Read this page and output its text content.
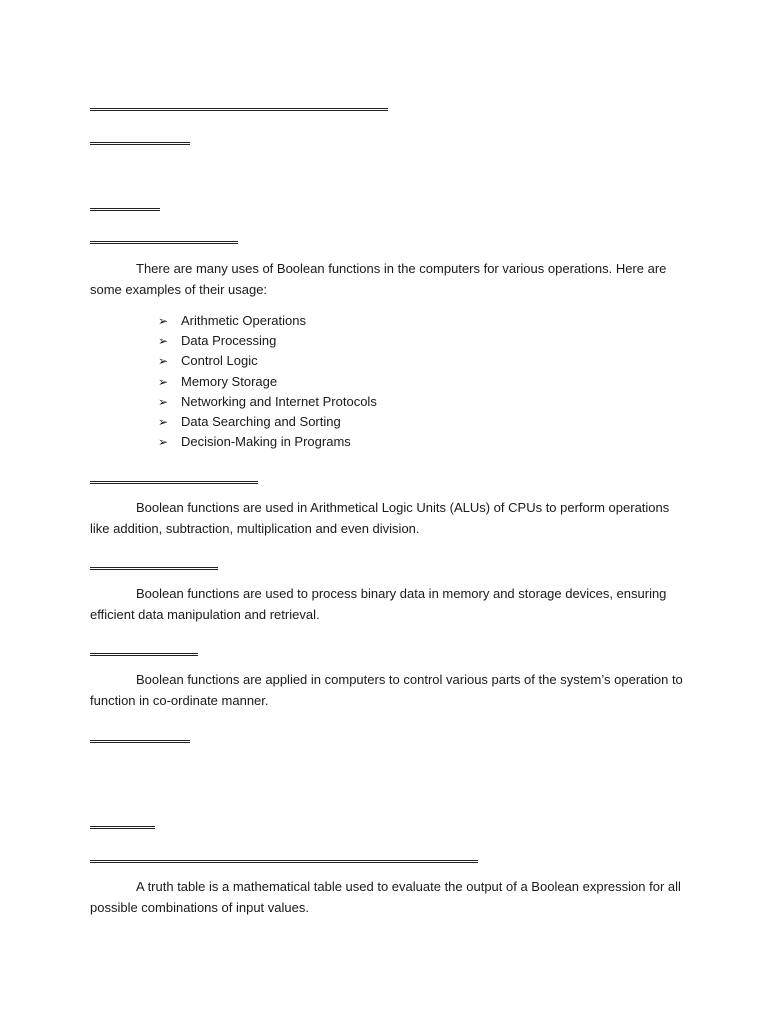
There are many uses of Boolean functions in the computers for various operations. Here are some examples of their usage:

➢ Arithmetic Operations
➢ Data Processing
➢ Control Logic
➢ Memory Storage
➢ Networking and Internet Protocols
➢ Data Searching and Sorting
➢ Decision-Making in Programs

Boolean functions are used in Arithmetical Logic Units (ALUs) of CPUs to perform operations like addition, subtraction, multiplication and even division.

Boolean functions are used to process binary data in memory and storage devices, ensuring efficient data manipulation and retrieval.

Boolean functions are applied in computers to control various parts of the system’s operation to function in co-ordinate manner.

A truth table is a mathematical table used to evaluate the output of a Boolean expression for all possible combinations of input values.
